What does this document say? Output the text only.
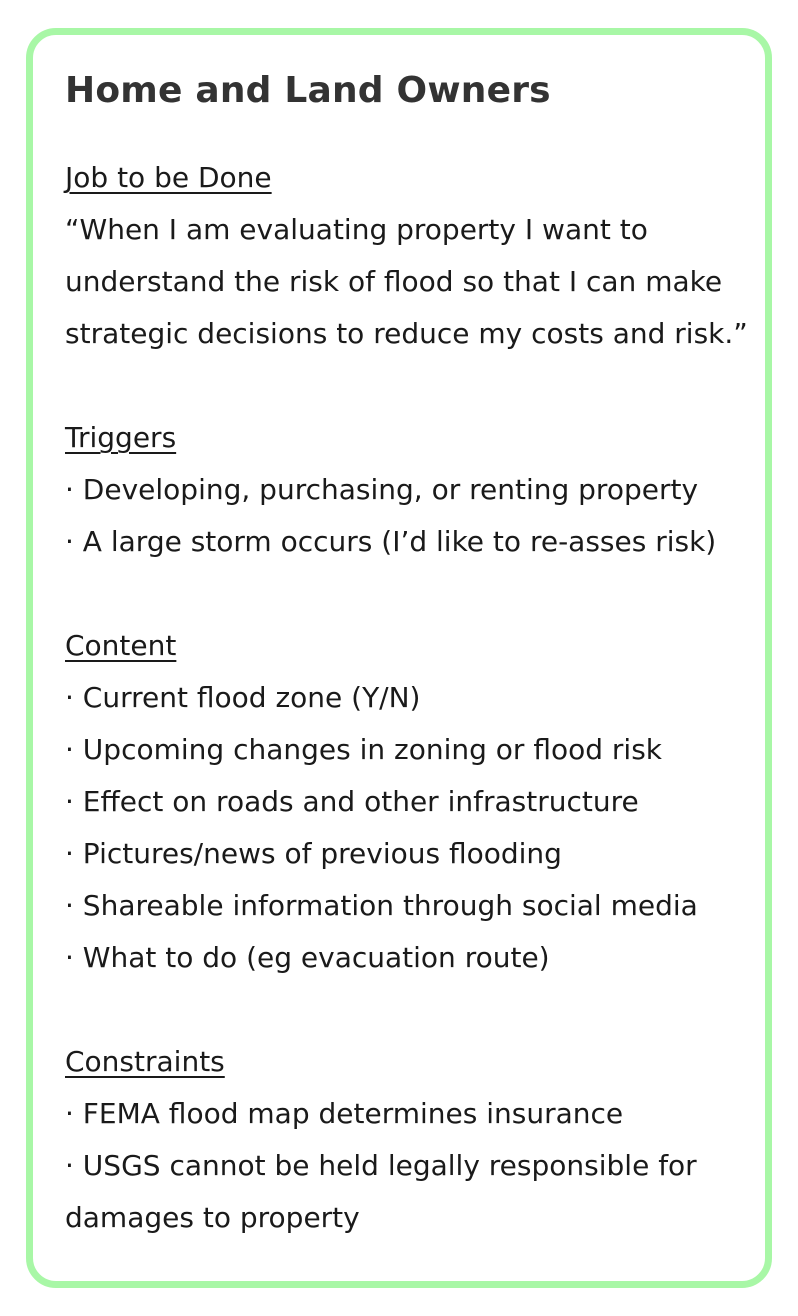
Home and Land Owners
Job to be Done
“When I am evaluating property I want to
understand the risk of flood so that I can make
strategic decisions to reduce my costs and risk.”
Triggers
· Developing, purchasing, or renting property
· A large storm occurs (I’d like to re-asses risk)
Content
· Current flood zone (Y/N)
· Upcoming changes in zoning or flood risk
· Effect on roads and other infrastructure
· Pictures/news of previous flooding
· Shareable information through social media
· What to do (eg evacuation route)
Constraints
· FEMA flood map determines insurance
· USGS cannot be held legally responsible for
damages to property
